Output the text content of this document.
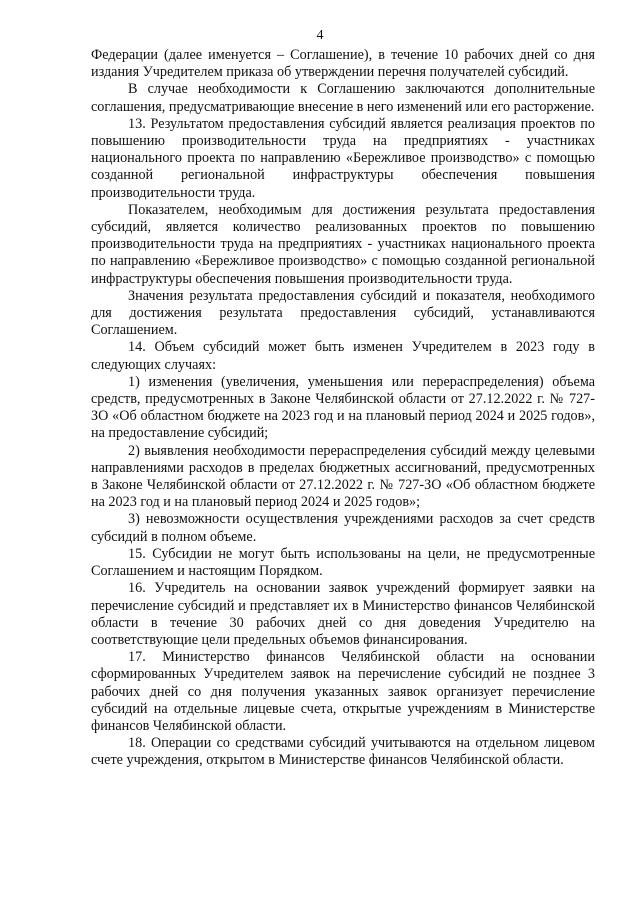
4

Федерации (далее именуется – Соглашение), в течение 10 рабочих дней со дня издания Учредителем приказа об утверждении перечня получателей субсидий.

В случае необходимости к Соглашению заключаются дополнительные соглашения, предусматривающие внесение в него изменений или его расторжение.

13. Результатом предоставления субсидий является реализация проектов по повышению производительности труда на предприятиях - участниках национального проекта по направлению «Бережливое производство» с помощью созданной региональной инфраструктуры обеспечения повышения производительности труда.

Показателем, необходимым для достижения результата предоставления субсидий, является количество реализованных проектов по повышению производительности труда на предприятиях - участниках национального проекта по направлению «Бережливое производство» с помощью созданной региональной инфраструктуры обеспечения повышения производительности труда.

Значения результата предоставления субсидий и показателя, необходимого для достижения результата предоставления субсидий, устанавливаются Соглашением.

14. Объем субсидий может быть изменен Учредителем в 2023 году в следующих случаях:

1) изменения (увеличения, уменьшения или перераспределения) объема средств, предусмотренных в Законе Челябинской области от 27.12.2022 г. № 727-ЗО «Об областном бюджете на 2023 год и на плановый период 2024 и 2025 годов», на предоставление субсидий;

2) выявления необходимости перераспределения субсидий между целевыми направлениями расходов в пределах бюджетных ассигнований, предусмотренных в Законе Челябинской области от 27.12.2022 г. № 727-ЗО «Об областном бюджете на 2023 год и на плановый период 2024 и 2025 годов»;

3) невозможности осуществления учреждениями расходов за счет средств субсидий в полном объеме.

15. Субсидии не могут быть использованы на цели, не предусмотренные Соглашением и настоящим Порядком.

16. Учредитель на основании заявок учреждений формирует заявки на перечисление субсидий и представляет их в Министерство финансов Челябинской области в течение 30 рабочих дней со дня доведения Учредителю на соответствующие цели предельных объемов финансирования.

17. Министерство финансов Челябинской области на основании сформированных Учредителем заявок на перечисление субсидий не позднее 3 рабочих дней со дня получения указанных заявок организует перечисление субсидий на отдельные лицевые счета, открытые учреждениям в Министерстве финансов Челябинской области.

18. Операции со средствами субсидий учитываются на отдельном лицевом счете учреждения, открытом в Министерстве финансов Челябинской области.
